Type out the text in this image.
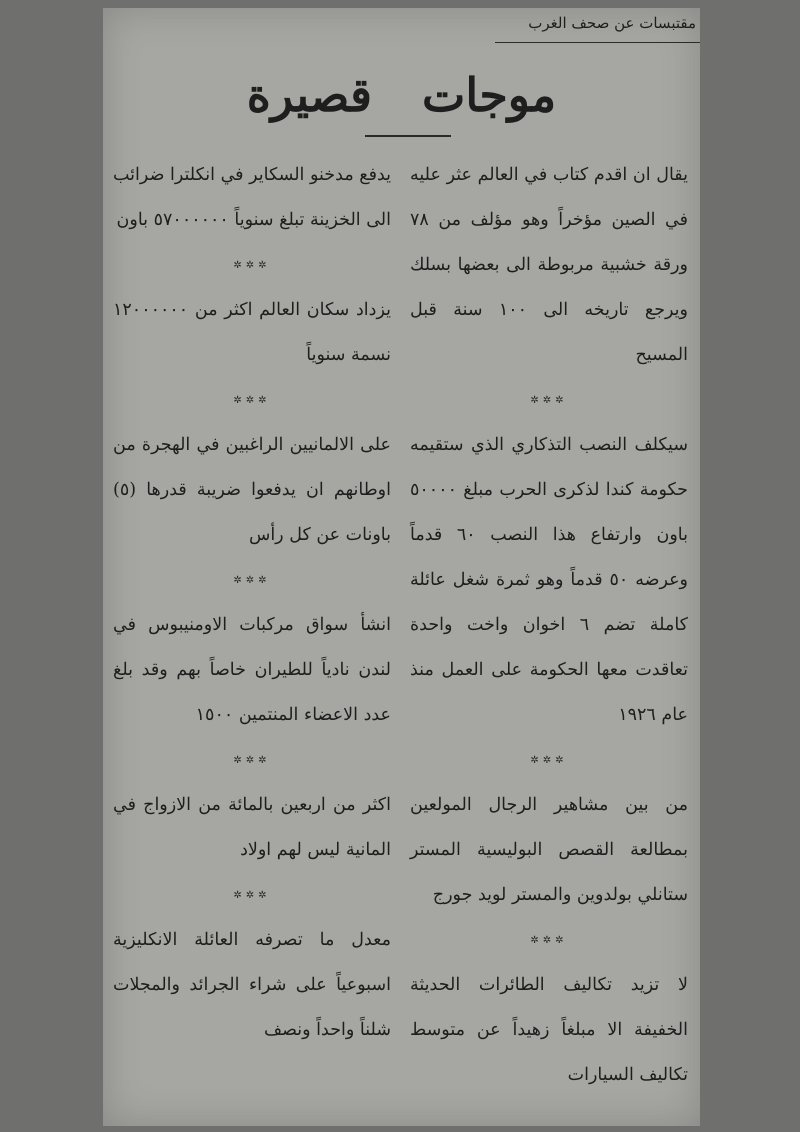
مقتبسات عن صحف الغرب
موجات قصيرة

يقال ان اقدم كتاب في العالم عثر عليه في الصين مؤخراً وهو مؤلف من ٧٨ ورقة خشبية مربوطة الى بعضها بسلك ويرجع تاريخه الى ١٠٠ سنة قبل المسيح

✲✲✲

سيكلف النصب التذكاري الذي ستقيمه حكومة كندا لذكرى الحرب مبلغ ٥٠٠٠٠ باون وارتفاع هذا النصب ٦٠ قدماً وعرضه ٥٠ قدماً وهو ثمرة شغل عائلة كاملة تضم ٦ اخوان واخت واحدة تعاقدت معها الحكومة على العمل منذ عام ١٩٢٦

✲✲✲

من بين مشاهير الرجال المولعين بمطالعة القصص البوليسية المستر ستانلي بولدوين والمستر لويد جورج

✲✲✲

لا تزيد تكاليف الطائرات الحديثة الخفيفة الا مبلغاً زهيداً عن متوسط تكاليف السيارات

يدفع مدخنو السكاير في انكلترا ضرائب الى الخزينة تبلغ سنوياً ٥٧٠٠٠٠٠٠ باون

✲✲✲

يزداد سكان العالم اكثر من ١٢٠٠٠٠٠٠ نسمة سنوياً

✲✲✲

على الالمانيين الراغبين في الهجرة من اوطانهم ان يدفعوا ضريبة قدرها (٥) باونات عن كل رأس

✲✲✲

انشأ سواق مركبات الاومنيبوس في لندن نادياً للطيران خاصاً بهم وقد بلغ عدد الاعضاء المنتمين ١٥٠٠

✲✲✲

اكثر من اربعين بالمائة من الازواج في المانية ليس لهم اولاد

✲✲✲

معدل ما تصرفه العائلة الانكليزية اسبوعياً على شراء الجرائد والمجلات شلناً واحداً ونصف
